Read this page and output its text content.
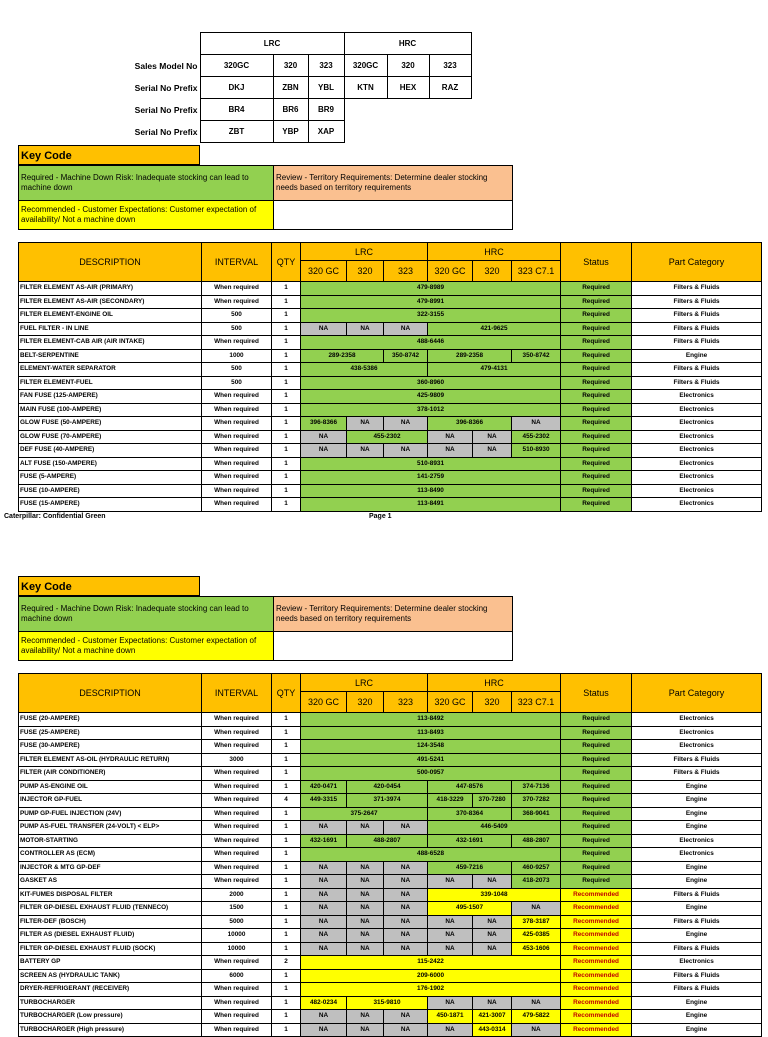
	LRC			HRC		
Sales Model No	320GC	320	323	320GC	320	323
Serial No Prefix	DKJ	ZBN	YBL	KTN	HEX	RAZ
Serial No Prefix	BR4	BR6	BR9			
Serial No Prefix	ZBT	YBP	XAP			
Key Code
Required - Machine Down Risk: Inadequate stocking can lead to machine down	Review - Territory Requirements: Determine dealer stocking needs based on territory requirements
Recommended - Customer Expectations: Customer expectation of availability/ Not a machine down	
DESCRIPTION	INTERVAL	QTY	LRC			HRC			Status	Part Category
			320 GC	320	323	320 GC	320	323 C7.1		
FILTER ELEMENT AS-AIR (PRIMARY)	When required	1	479-8989						Required	Filters & Fluids
FILTER ELEMENT AS-AIR (SECONDARY)	When required	1	479-8991						Required	Filters & Fluids
FILTER ELEMENT-ENGINE OIL	500	1	322-3155						Required	Filters & Fluids
FUEL FILTER - IN LINE	500	1	NA	NA	NA	421-9625			Required	Filters & Fluids
FILTER ELEMENT-CAB AIR (AIR INTAKE)	When required	1	488-6446						Required	Filters & Fluids
BELT-SERPENTINE	1000	1	289-2358		350-8742	289-2358		350-8742	Required	Engine
ELEMENT-WATER SEPARATOR	500	1	438-5386			479-4131			Required	Filters & Fluids
FILTER ELEMENT-FUEL	500	1	360-8960						Required	Filters & Fluids
FAN FUSE (125-AMPERE)	When required	1	425-9809						Required	Electronics
MAIN FUSE (100-AMPERE)	When required	1	378-1012						Required	Electronics
GLOW FUSE (50-AMPERE)	When required	1	396-8366	NA	NA	396-8366		NA	Required	Electronics
GLOW FUSE (70-AMPERE)	When required	1	NA	455-2302		NA	NA	455-2302	Required	Electronics
DEF FUSE (40-AMPERE)	When required	1	NA	NA	NA	NA	NA	510-8930	Required	Electronics
ALT FUSE (150-AMPERE)	When required	1	510-8931						Required	Electronics
FUSE (5-AMPERE)	When required	1	141-2759						Required	Electronics
FUSE (10-AMPERE)	When required	1	113-8490						Required	Electronics
FUSE (15-AMPERE)	When required	1	113-8491						Required	Electronics
Caterpillar: Confidential Green	Page 1
Key Code
Required - Machine Down Risk: Inadequate stocking can lead to machine down	Review - Territory Requirements: Determine dealer stocking needs based on territory requirements
Recommended - Customer Expectations: Customer expectation of availability/ Not a machine down	
DESCRIPTION	INTERVAL	QTY	LRC			HRC			Status	Part Category
			320 GC	320	323	320 GC	320	323 C7.1		
FUSE (20-AMPERE)	When required	1	113-8492						Required	Electronics
FUSE (25-AMPERE)	When required	1	113-8493						Required	Electronics
FUSE (30-AMPERE)	When required	1	124-3548						Required	Electronics
FILTER ELEMENT AS-OIL (HYDRAULIC RETURN)	3000	1	491-5241						Required	Filters & Fluids
FILTER (AIR CONDITIONER)	When required	1	500-0957						Required	Filters & Fluids
PUMP AS-ENGINE OIL	When required	1	420-0471	420-0454		447-8576		374-7136	Required	Engine
INJECTOR GP-FUEL	When required	4	449-3315	371-3974		418-3229	370-7280	370-7282	Required	Engine
PUMP GP-FUEL INJECTION (24V)	When required	1	375-2647			370-8364		368-9041	Required	Engine
PUMP AS-FUEL TRANSFER (24-VOLT) < ELP>	When required	1	NA	NA	NA	446-5409			Required	Engine
MOTOR-STARTING	When required	1	432-1691	488-2807		432-1691		488-2807	Required	Electronics
CONTROLLER AS (ECM)	When required	1	488-6528						Required	Electronics
INJECTOR & MTG GP-DEF	When required	1	NA	NA	NA	459-7216		460-9257	Required	Engine
GASKET AS	When required	1	NA	NA	NA	NA	NA	418-2073	Required	Engine
KIT-FUMES DISPOSAL FILTER	2000	1	NA	NA	NA	339-1048			Recommended	Filters & Fluids
FILTER GP-DIESEL EXHAUST FLUID (TENNECO)	1500	1	NA	NA	NA	495-1507		NA	Recommended	Engine
FILTER-DEF (BOSCH)	5000	1	NA	NA	NA	NA	NA	378-3187	Recommended	Filters & Fluids
FILTER AS (DIESEL EXHAUST FLUID)	10000	1	NA	NA	NA	NA	NA	425-0385	Recommended	Engine
FILTER GP-DIESEL EXHAUST FLUID (SOCK)	10000	1	NA	NA	NA	NA	NA	453-1606	Recommended	Filters & Fluids
BATTERY GP	When required	2	115-2422						Recommended	Electronics
SCREEN AS (HYDRAULIC TANK)	6000	1	209-6000						Recommended	Filters & Fluids
DRYER-REFRIGERANT (RECEIVER)	When required	1	176-1902						Recommended	Filters & Fluids
TURBOCHARGER	When required	1	482-0234	315-9810		NA	NA	NA	Recommended	Engine
TURBOCHARGER (Low pressure)	When required	1	NA	NA	NA	450-1871	421-3007	479-5822	Recommended	Engine
TURBOCHARGER (High pressure)	When required	1	NA	NA	NA	NA	443-0314	NA	Recommended	Engine
